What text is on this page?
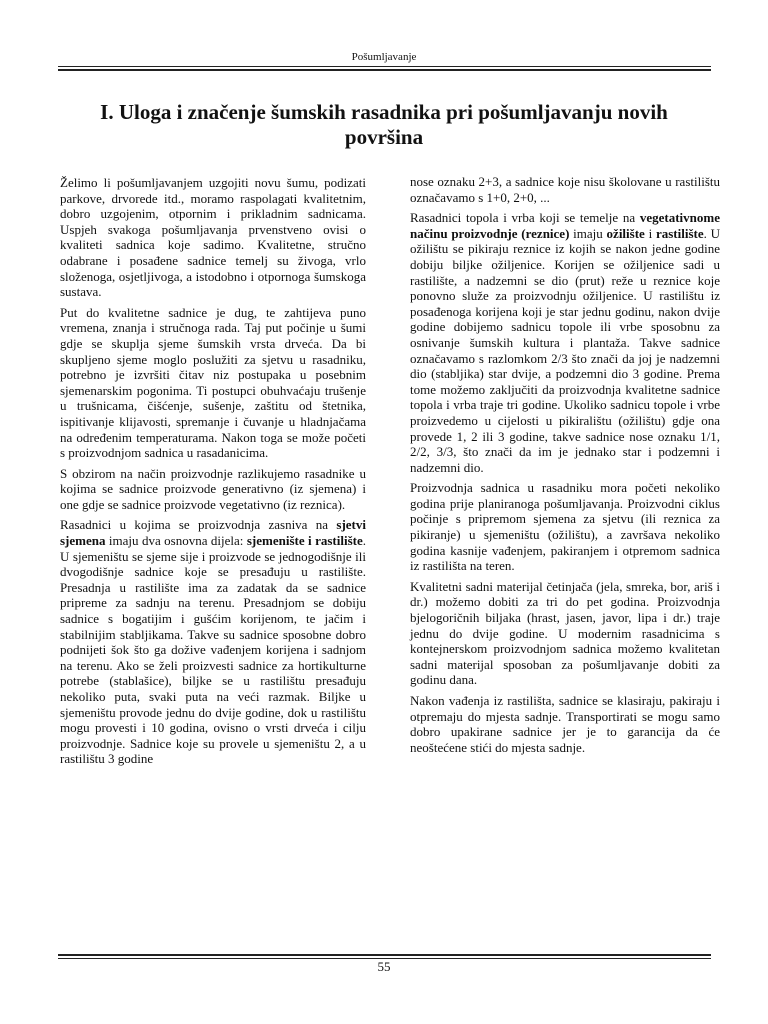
Pošumljavanje
I. Uloga i značenje šumskih rasadnika pri pošumljavanju novih površina

Želimo li pošumljavanjem uzgojiti novu šumu, podizati parkove, drvorede itd., moramo raspolagati kvalitetnim, dobro uzgojenim, otpornim i prikladnim sadnicama. Uspjeh svakoga pošumljavanja prvenstveno ovisi o kvaliteti sadnica koje sadimo. Kvalitetne, stručno odabrane i posađene sadnice temelj su živoga, vrlo složenoga, osjetljivoga, a istodobno i otpornoga šumskoga sustava.

Put do kvalitetne sadnice je dug, te zahtijeva puno vremena, znanja i stručnoga rada. Taj put počinje u šumi gdje se skuplja sjeme šumskih vrsta drveća. Da bi skupljeno sjeme moglo poslužiti za sjetvu u rasadniku, potrebno je izvršiti čitav niz postupaka u posebnim sjemenarskim pogonima. Ti postupci obuhvaćaju trušenje u trušnicama, čišćenje, sušenje, zaštitu od štetnika, ispitivanje klijavosti, spremanje i čuvanje u hladnjačama na određenim temperaturama. Nakon toga se može početi s proizvodnjom sadnica u rasadanicima.

S obzirom na način proizvodnje razlikujemo rasadnike u kojima se sadnice proizvode generativno (iz sjemena) i one gdje se sadnice proizvode vegetativno (iz reznica).

Rasadnici u kojima se proizvodnja zasniva na sjetvi sjemena imaju dva osnovna dijela: sjemenište i rastilište. U sjemeništu se sjeme sije i proizvode se jednogodišnje ili dvogodišnje sadnice koje se presađuju u rastilište. Presadnja u rastilište ima za zadatak da se sadnice pripreme za sadnju na terenu. Presadnjom se dobiju sadnice s bogatijim i gušćim korijenom, te jačim i stabilnijim stabljikama. Takve su sadnice sposobne dobro podnijeti šok što ga dožive vađenjem korijena i sadnjom na terenu. Ako se želi proizvesti sadnice za hortikulturne potrebe (stablašice), biljke se u rastilištu presađuju nekoliko puta, svaki puta na veći razmak. Biljke u sjemeništu provode jednu do dvije godine, dok u rastilištu mogu provesti i 10 godina, ovisno o vrsti drveća i cilju proizvodnje. Sadnice koje su provele u sjemeništu 2, a u rastilištu 3 godine

nose oznaku 2+3, a sadnice koje nisu školovane u rastilištu označavamo s 1+0, 2+0, ...

Rasadnici topola i vrba koji se temelje na vegetativnome načinu proizvodnje (reznice) imaju ožilište i rastilište. U ožilištu se pikiraju reznice iz kojih se nakon jedne godine dobiju biljke ožiljenice. Korijen se ožiljenice sadi u rastilište, a nadzemni se dio (prut) reže u reznice koje ponovno služe za proizvodnju ožiljenice. U rastilištu iz posađenoga korijena koji je star jednu godinu, nakon dvije godine dobijemo sadnicu topole ili vrbe sposobnu za osnivanje šumskih kultura i plantaža. Takve sadnice označavamo s razlomkom 2/3 što znači da joj je nadzemni dio (stabljika) star dvije, a podzemni dio 3 godine. Prema tome možemo zaključiti da proizvodnja kvalitetne sadnice topola i vrba traje tri godine. Ukoliko sadnicu topole i vrbe proizvedemo u cijelosti u pikiralištu (ožilištu) gdje ona provede 1, 2 ili 3 godine, takve sadnice nose oznaku 1/1, 2/2, 3/3, što znači da im je jednako star i podzemni i nadzemni dio.

Proizvodnja sadnica u rasadniku mora početi nekoliko godina prije planiranoga pošumljavanja. Proizvodni ciklus počinje s pripremom sjemena za sjetvu (ili reznica za pikiranje) u sjemeništu (ožilištu), a završava nekoliko godina kasnije vađenjem, pakiranjem i otpremom sadnica iz rastilišta na teren.

Kvalitetni sadni materijal četinjača (jela, smreka, bor, ariš i dr.) možemo dobiti za tri do pet godina. Proizvodnja bjelogoričnih biljaka (hrast, jasen, javor, lipa i dr.) traje jednu do dvije godine. U modernim rasadnicima s kontejnerskom proizvodnjom sadnica možemo kvalitetan sadni materijal sposoban za pošumljavanje dobiti za godinu dana.

Nakon vađenja iz rastilišta, sadnice se klasiraju, pakiraju i otpremaju do mjesta sadnje. Transportirati se mogu samo dobro upakirane sadnice jer je to garancija da će neoštećene stići do mjesta sadnje.

55
